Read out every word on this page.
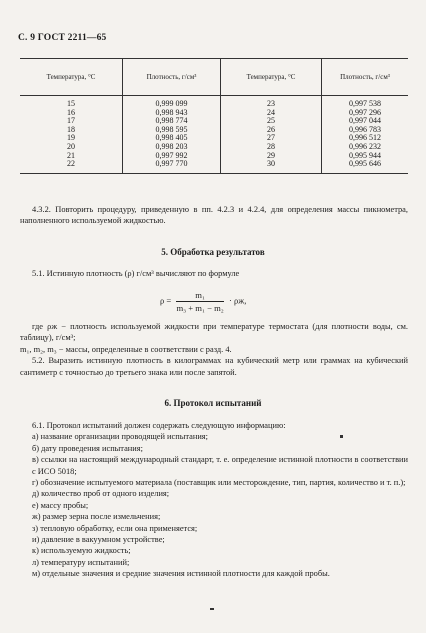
С. 9 ГОСТ 2211—65
Температура, °С	Плотность, г/см³	Температура, °С	Плотность, г/см³
15	0,999 099	23	0,997 538
16	0,998 943	24	0,997 296
17	0,998 774	25	0,997 044
18	0,998 595	26	0,996 783
19	0,998 405	27	0,996 512
20	0,998 203	28	0,996 232
21	0,997 992	29	0,995 944
22	0,997 770	30	0,995 646
4.3.2. Повторить процедуру, приведенную в пп. 4.2.3 и 4.2.4, для определения массы пикнометра, наполненного используемой жидкостью.
5. Обработка результатов
5.1. Истинную плотность (ρ) г/см³ вычисляют по формуле
$\rho = \frac{\text{m₁}}{\text{m₃ + m₁ − m₂}} \cdot \rho ж$,

где ρж − плотность используемой жидкости при температуре термостата (для плотности воды, см. таблицу), г/см³;

m₁, m₂, m₃ − массы, определенные в соответствии с разд. 4.

5.2. Выразить истинную плотность в килограммах на кубический метр или граммах на кубический сантиметр с точностью до третьего знака или после запятой.

6. Протокол испытаний

6.1. Протокол испытаний должен содержать следующую информацию:

а) название организации проводящей испытания;

б) дату проведения испытания;

в) ссылки на настоящий международный стандарт, т. е. определение истинной плотности в соответствии с ИСО 5018;

г) обозначение испытуемого материала (поставщик или месторождение, тип, партия, количество и т. п.);

д) количество проб от одного изделия;

е) массу пробы;

ж) размер зерна после измельчения;

з) тепловую обработку, если она применяется;

и) давление в вакуумном устройстве;

к) используемую жидкость;

л) температуру испытаний;

м) отдельные значения и средние значения истинной плотности для каждой пробы.
